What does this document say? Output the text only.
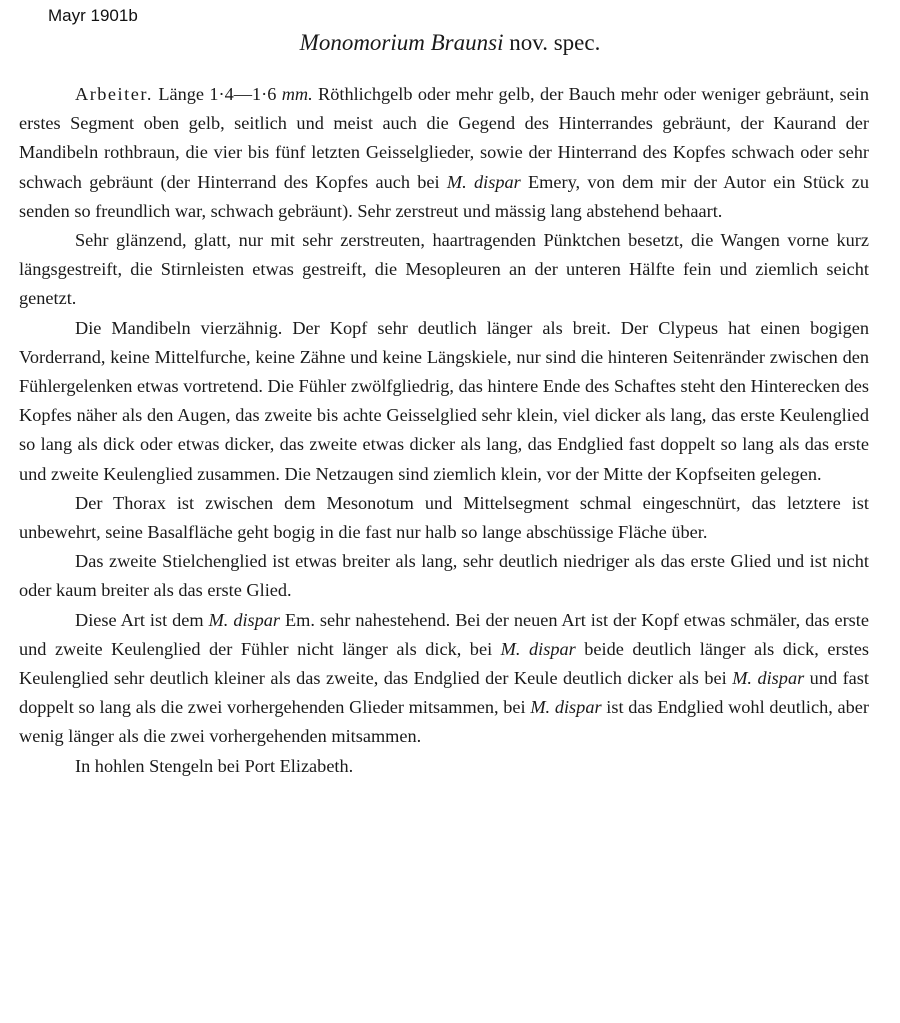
Mayr 1901b
Monomorium Braunsi nov. spec.

Arbeiter. Länge 1·4—1·6 mm. Röthlichgelb oder mehr gelb, der Bauch mehr oder weniger gebräunt, sein erstes Segment oben gelb, seitlich und meist auch die Gegend des Hinterrandes gebräunt, der Kaurand der Mandibeln rothbraun, die vier bis fünf letzten Geisselglieder, sowie der Hinterrand des Kopfes schwach oder sehr schwach gebräunt (der Hinterrand des Kopfes auch bei M. dispar Emery, von dem mir der Autor ein Stück zu senden so freundlich war, schwach gebräunt). Sehr zerstreut und mässig lang abstehend behaart.

Sehr glänzend, glatt, nur mit sehr zerstreuten, haartragenden Pünktchen besetzt, die Wangen vorne kurz längsgestreift, die Stirnleisten etwas gestreift, die Mesopleuren an der unteren Hälfte fein und ziemlich seicht genetzt.

Die Mandibeln vierzähnig. Der Kopf sehr deutlich länger als breit. Der Clypeus hat einen bogigen Vorderrand, keine Mittelfurche, keine Zähne und keine Längskiele, nur sind die hinteren Seitenränder zwischen den Fühlergelenken etwas vortretend. Die Fühler zwölfgliedrig, das hintere Ende des Schaftes steht den Hinterecken des Kopfes näher als den Augen, das zweite bis achte Geisselglied sehr klein, viel dicker als lang, das erste Keulenglied so lang als dick oder etwas dicker, das zweite etwas dicker als lang, das Endglied fast doppelt so lang als das erste und zweite Keulenglied zusammen. Die Netzaugen sind ziemlich klein, vor der Mitte der Kopfseiten gelegen.

Der Thorax ist zwischen dem Mesonotum und Mittelsegment schmal eingeschnürt, das letztere ist unbewehrt, seine Basalfläche geht bogig in die fast nur halb so lange abschüssige Fläche über.

Das zweite Stielchenglied ist etwas breiter als lang, sehr deutlich niedriger als das erste Glied und ist nicht oder kaum breiter als das erste Glied.

Diese Art ist dem M. dispar Em. sehr nahestehend. Bei der neuen Art ist der Kopf etwas schmäler, das erste und zweite Keulenglied der Fühler nicht länger als dick, bei M. dispar beide deutlich länger als dick, erstes Keulenglied sehr deutlich kleiner als das zweite, das Endglied der Keule deutlich dicker als bei M. dispar und fast doppelt so lang als die zwei vorhergehenden Glieder mitsammen, bei M. dispar ist das Endglied wohl deutlich, aber wenig länger als die zwei vorhergehenden mitsammen.

In hohlen Stengeln bei Port Elizabeth.
